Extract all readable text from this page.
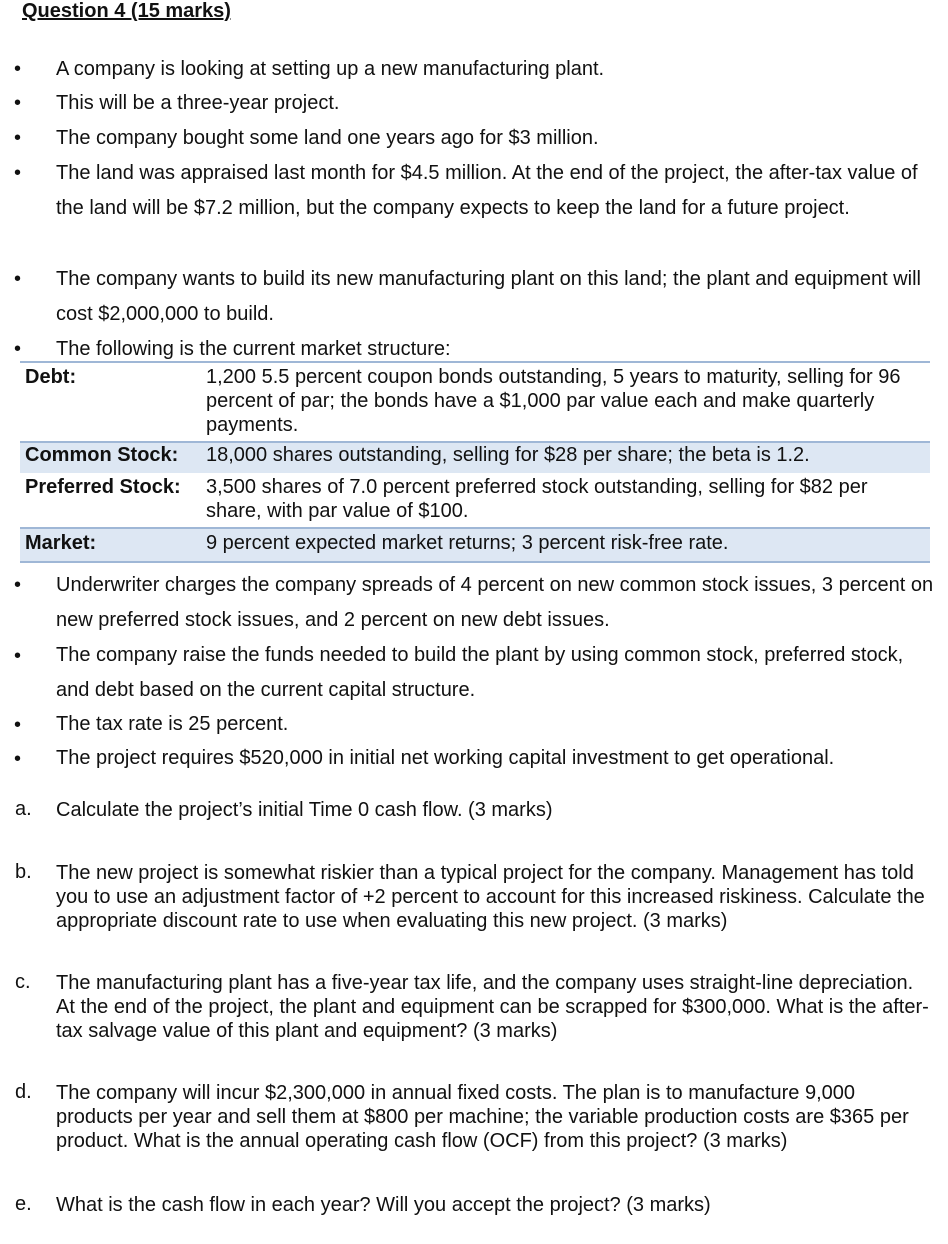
Question 4 (15 marks)
• A company is looking at setting up a new manufacturing plant.
• This will be a three-year project.
• The company bought some land one years ago for $3 million.
• The land was appraised last month for $4.5 million. At the end of the project, the after-tax value of the land will be $7.2 million, but the company expects to keep the land for a future project.
• The company wants to build its new manufacturing plant on this land; the plant and equipment will cost $2,000,000 to build.
• The following is the current market structure:
Debt:	1,200 5.5 percent coupon bonds outstanding, 5 years to maturity, selling for 96 percent of par; the bonds have a $1,000 par value each and make quarterly payments.
Common Stock: 18,000 shares outstanding, selling for $28 per share; the beta is 1.2.
Preferred Stock: 3,500 shares of 7.0 percent preferred stock outstanding, selling for $82 per share, with par value of $100.
Market:	9 percent expected market returns; 3 percent risk-free rate.
• Underwriter charges the company spreads of 4 percent on new common stock issues, 3 percent on new preferred stock issues, and 2 percent on new debt issues.
• The company raise the funds needed to build the plant by using common stock, preferred stock, and debt based on the current capital structure.
• The tax rate is 25 percent.
• The project requires $520,000 in initial net working capital investment to get operational.
a. Calculate the project’s initial Time 0 cash flow. (3 marks)
b. The new project is somewhat riskier than a typical project for the company. Management has told you to use an adjustment factor of +2 percent to account for this increased riskiness. Calculate the appropriate discount rate to use when evaluating this new project. (3 marks)
c. The manufacturing plant has a five-year tax life, and the company uses straight-line depreciation. At the end of the project, the plant and equipment can be scrapped for $300,000. What is the after-tax salvage value of this plant and equipment? (3 marks)
d. The company will incur $2,300,000 in annual fixed costs. The plan is to manufacture 9,000 products per year and sell them at $800 per machine; the variable production costs are $365 per product. What is the annual operating cash flow (OCF) from this project? (3 marks)
e. What is the cash flow in each year? Will you accept the project? (3 marks)
